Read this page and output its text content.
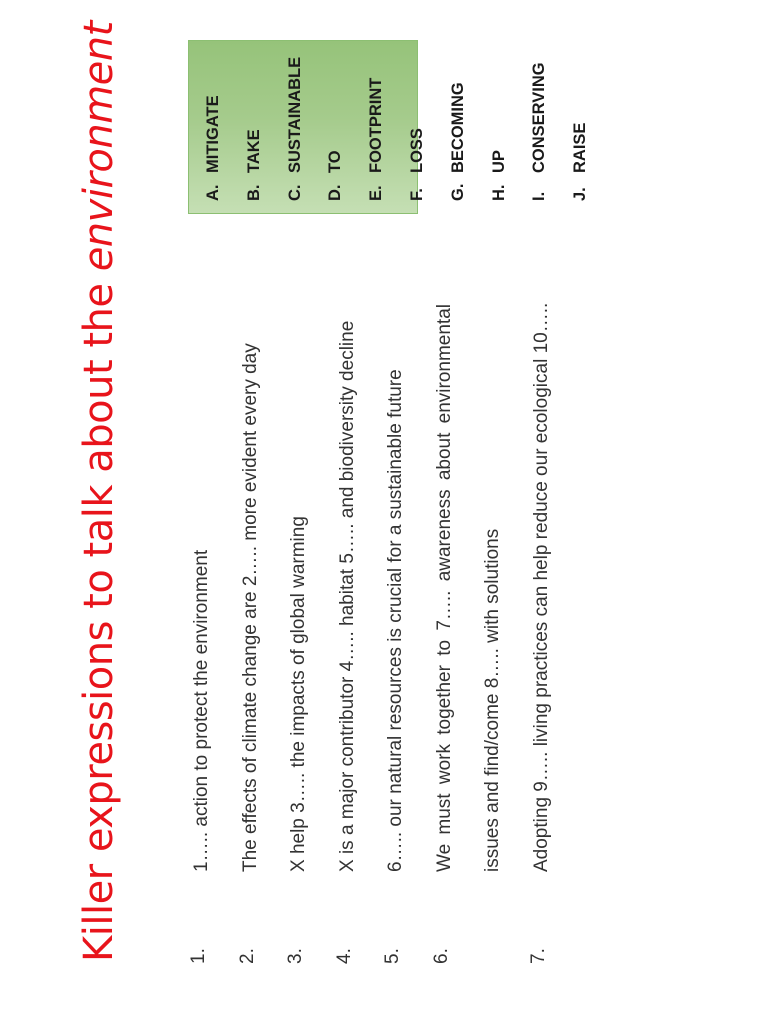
Killer expressions to talk about the environment
1.
1….. action to protect the environment
2.
The effects of climate change are 2….. more evident every day
3.
X help 3….. the impacts of global warming
4.
X is a major contributor 4….. habitat 5….. and biodiversity decline
5.
6….. our natural resources is crucial for a sustainable future
6.
We must work together to 7….. awareness about environmental	issues and find/come 8….. with solutions
7.
Adopting 9….. living practices can help reduce our ecological 10…..
A.MITIGATE
B.TAKE
C.SUSTAINABLE
D.TO
E.FOOTPRINT
F.LOSS
G.BECOMING
H.UP
I.CONSERVING
J.RAISE
